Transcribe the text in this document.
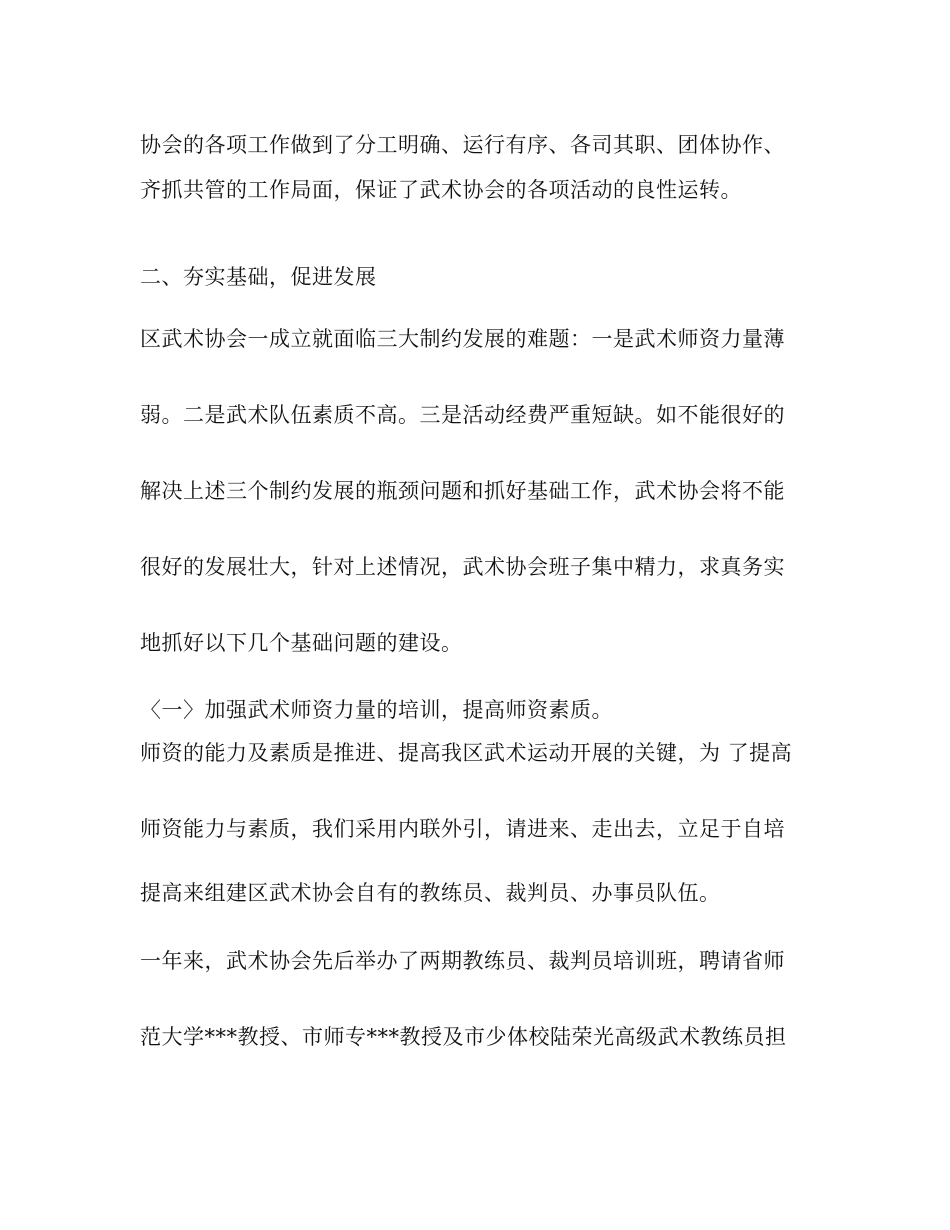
协会的各项工作做到了分工明确、运行有序、各司其职、团体协作、
齐抓共管的工作局面，保证了武术协会的各项活动的良性运转。
二、夯实基础，促进发展
区武术协会一成立就面临三大制约发展的难题：一是武术师资力量薄
弱。二是武术队伍素质不高。三是活动经费严重短缺。如不能很好的
解决上述三个制约发展的瓶颈问题和抓好基础工作，武术协会将不能
很好的发展壮大，针对上述情况，武术协会班子集中精力，求真务实
地抓好以下几个基础问题的建设。
〈一〉加强武术师资力量的培训，提高师资素质。
师资的能力及素质是推进、提高我区武术运动开展的关键，为 了提高
师资能力与素质，我们采用内联外引，请进来、走出去，立足于自培
提高来组建区武术协会自有的教练员、裁判员、办事员队伍。
一年来，武术协会先后举办了两期教练员、裁判员培训班，聘请省师
范大学***教授、市师专***教授及市少体校陆荣光高级武术教练员担
